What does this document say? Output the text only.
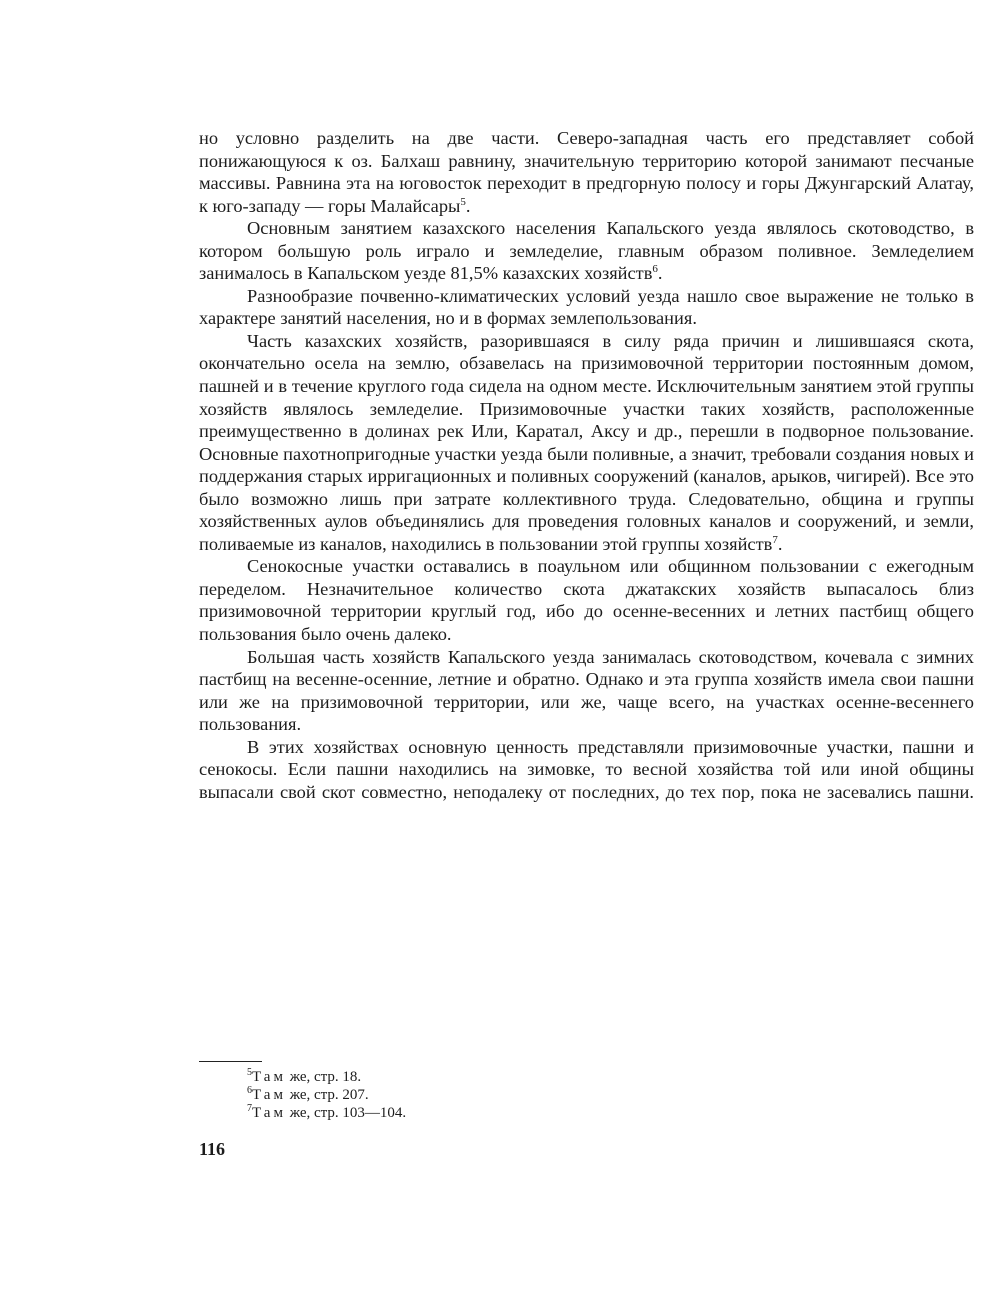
но условно разделить на две части. Северо-западная часть его представляет собой понижающуюся к оз. Балхаш равнину, значительную территорию которой занимают песчаные массивы. Равнина эта на юговосток переходит в предгорную полосу и горы Джунгарский Алатау, к юго-западу — горы Малайсары$^5$.

Основным занятием казахского населения Капальского уезда являлось скотоводство, в котором большую роль играло и земледелие, главным образом поливное. Земледелием занималось в Капальском уезде 81,5% казахских хозяйств$^6$.

Разнообразие почвенно-климатических условий уезда нашло свое выражение не только в характере занятий населения, но и в формах землепользования.

Часть казахских хозяйств, разорившаяся в силу ряда причин и лишившаяся скота, окончательно осела на землю, обзавелась на призимовочной территории постоянным домом, пашней и в течение круглого года сидела на одном месте. Исключительным занятием этой группы хозяйств являлось земледелие. Призимовочные участки таких хозяйств, расположенные преимущественно в долинах рек Или, Каратал, Аксу и др., перешли в подворное пользование. Основные пахотнопригодные участки уезда были поливные, а значит, требовали создания новых и поддержания старых ирригационных и поливных сооружений (каналов, арыков, чигирей). Все это было возможно лишь при затрате коллективного труда. Следовательно, община и группы хозяйственных аулов объединялись для проведения головных каналов и сооружений, и земли, поливаемые из каналов, находились в пользовании этой группы хозяйств$^7$.

Сенокосные участки оставались в поаульном или общинном пользовании с ежегодным переделом. Незначительное количество скота джатакских хозяйств выпасалось близ призимовочной территории круглый год, ибо до осенне-весенних и летних пастбищ общего пользования было очень далеко.

Большая часть хозяйств Капальского уезда занималась скотоводством, кочевала с зимних пастбищ на весенне-осенние, летние и обратно. Однако и эта группа хозяйств имела свои пашни или же на призимовочной территории, или же, чаще всего, на участках осенне-весеннего пользования.

В этих хозяйствах основную ценность представляли призимовочные участки, пашни и сенокосы. Если пашни находились на зимовке, то весной хозяйства той или иной общины выпасали свой скот совместно, неподалеку от последних, до тех пор, пока не засевались пашни.

$^5$Там же, стр. 18.
$^6$Там же, стр. 207.
$^7$Там же, стр. 103—104.
116
